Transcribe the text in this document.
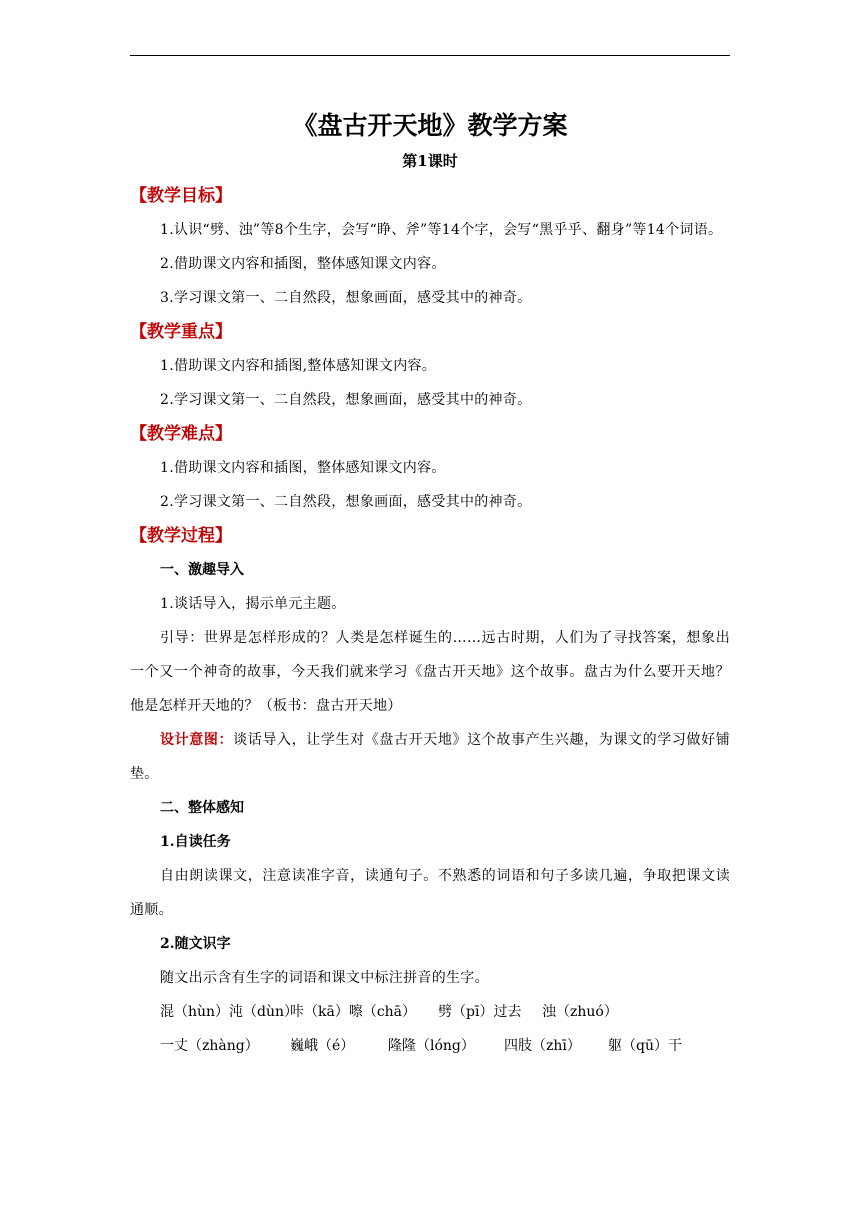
《盘古开天地》教学方案

第1课时

【教学目标】

1.认识“劈、浊”等8个生字，会写“睁、斧”等14个字，会写“黑乎乎、翻身”等14个词语。

2.借助课文内容和插图，整体感知课文内容。

3.学习课文第一、二自然段，想象画面，感受其中的神奇。

【教学重点】

1.借助课文内容和插图,整体感知课文内容。

2.学习课文第一、二自然段，想象画面，感受其中的神奇。

【教学难点】

1.借助课文内容和插图，整体感知课文内容。

2.学习课文第一、二自然段，想象画面，感受其中的神奇。

【教学过程】

一、激趣导入

1.谈话导入，揭示单元主题。

引导：世界是怎样形成的？人类是怎样诞生的……远古时期，人们为了寻找答案，想象出一个又一个神奇的故事，今天我们就来学习《盘古开天地》这个故事。盘古为什么要开天地？他是怎样开天地的？（板书：盘古开天地）

设计意图：谈话导入，让学生对《盘古开天地》这个故事产生兴趣，为课文的学习做好铺垫。

二、整体感知

1.自读任务

自由朗读课文，注意读准字音，读通句子。不熟悉的词语和句子多读几遍，争取把课文读通顺。

2.随文识字

随文出示含有生字的词语和课文中标注拼音的生字。

混（hùn）沌（dùn）咔（kā）嚓（chā） 劈（pī）过去 浊（zhuó）

一丈（zhàng） 巍峨（é） 隆隆（lóng） 四肢（zhī） 躯（qū）干
